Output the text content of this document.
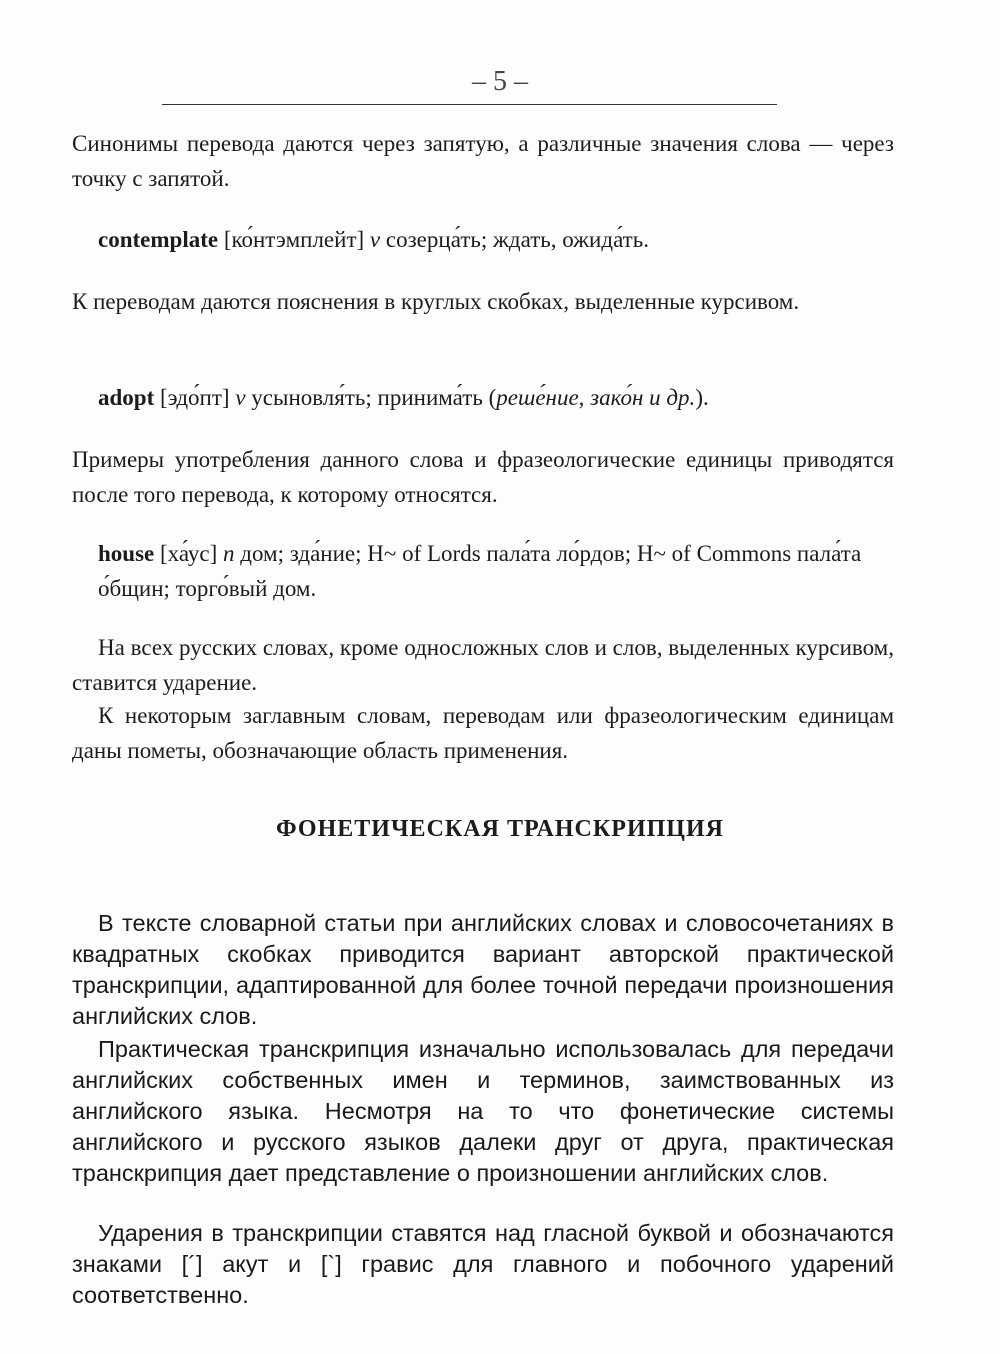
– 5 –

Синонимы перевода даются через запятую, а различные значения слова — через точку с запятой.

contemplate [ко́нтэмплейт] v созерца́ть; ждать, ожида́ть.

К переводам даются пояснения в круглых скобках, выделенные курсивом.

adopt [эдо́пт] v усыновля́ть; принима́ть (реше́ние, зако́н и др.).

Примеры употребления данного слова и фразеологические единицы приводятся после того перевода, к которому относятся.

house [ха́ус] n дом; зда́ние; H~ of Lords пала́та ло́рдов; H~ of Commons пала́та о́бщин; торго́вый дом.

На всех русских словах, кроме односложных слов и слов, выделенных курсивом, ставится ударение.

К некоторым заглавным словам, переводам или фразеологическим единицам даны пометы, обозначающие область применения.

ФОНЕТИЧЕСКАЯ ТРАНСКРИПЦИЯ

В тексте словарной статьи при английских словах и словосочетаниях в квадратных скобках приводится вариант авторской практической транскрипции, адаптированной для более точной передачи произношения английских слов.

Практическая транскрипция изначально использовалась для передачи английских собственных имен и терминов, заимствованных из английского языка. Несмотря на то что фонетические системы английского и русского языков далеки друг от друга, практическая транскрипция дает представление о произношении английских слов.

Ударения в транскрипции ставятся над гласной буквой и обозначаются знаками [´] акут и [`] гравис для главного и побочного ударений соответственно.
